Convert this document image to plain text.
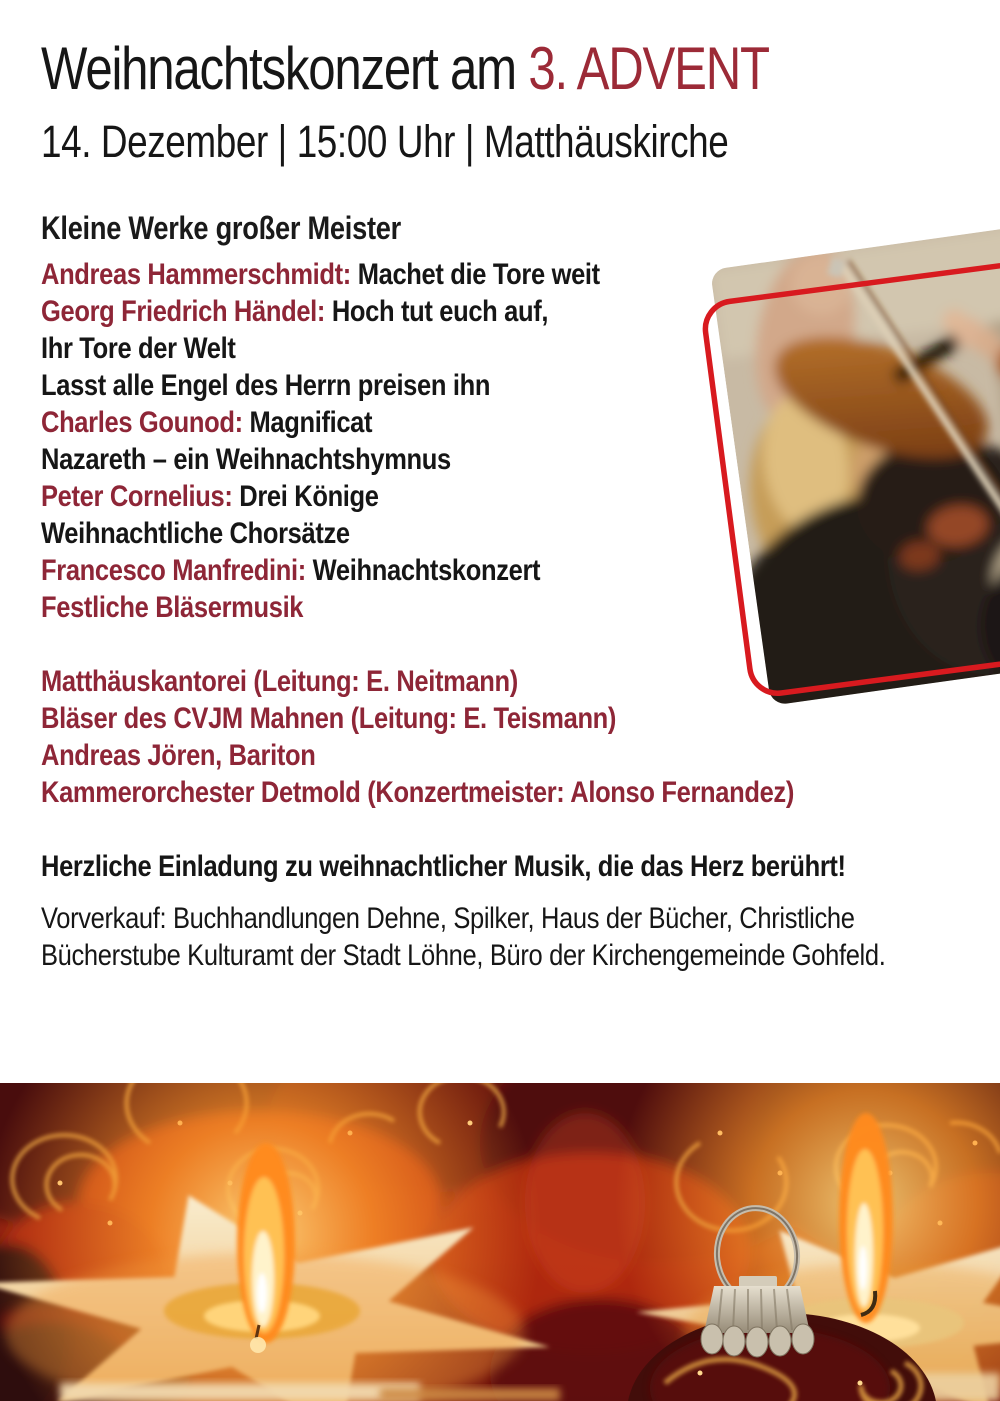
Weihnachtskonzert am 3. ADVENT
14. Dezember | 15:00 Uhr | Matthäuskirche
Kleine Werke großer Meister

Andreas Hammerschmidt: Machet die Tore weit

Georg Friedrich Händel: Hoch tut euch auf,

Ihr Tore der Welt

Lasst alle Engel des Herrn preisen ihn

Charles Gounod: Magnificat

Nazareth – ein Weihnachtshymnus

Peter Cornelius: Drei Könige

Weihnachtliche Chorsätze

Francesco Manfredini: Weihnachtskonzert

Festliche Bläsermusik

Matthäuskantorei (Leitung: E. Neitmann)

Bläser des CVJM Mahnen (Leitung: E. Teismann)

Andreas Jören, Bariton

Kammerorchester Detmold (Konzertmeister: Alonso Fernandez)

Herzliche Einladung zu weihnachtlicher Musik, die das Herz berührt!

Vorverkauf: Buchhandlungen Dehne, Spilker, Haus der Bücher, Christliche

Bücherstube Kulturamt der Stadt Löhne, Büro der Kirchengemeinde Gohfeld.
